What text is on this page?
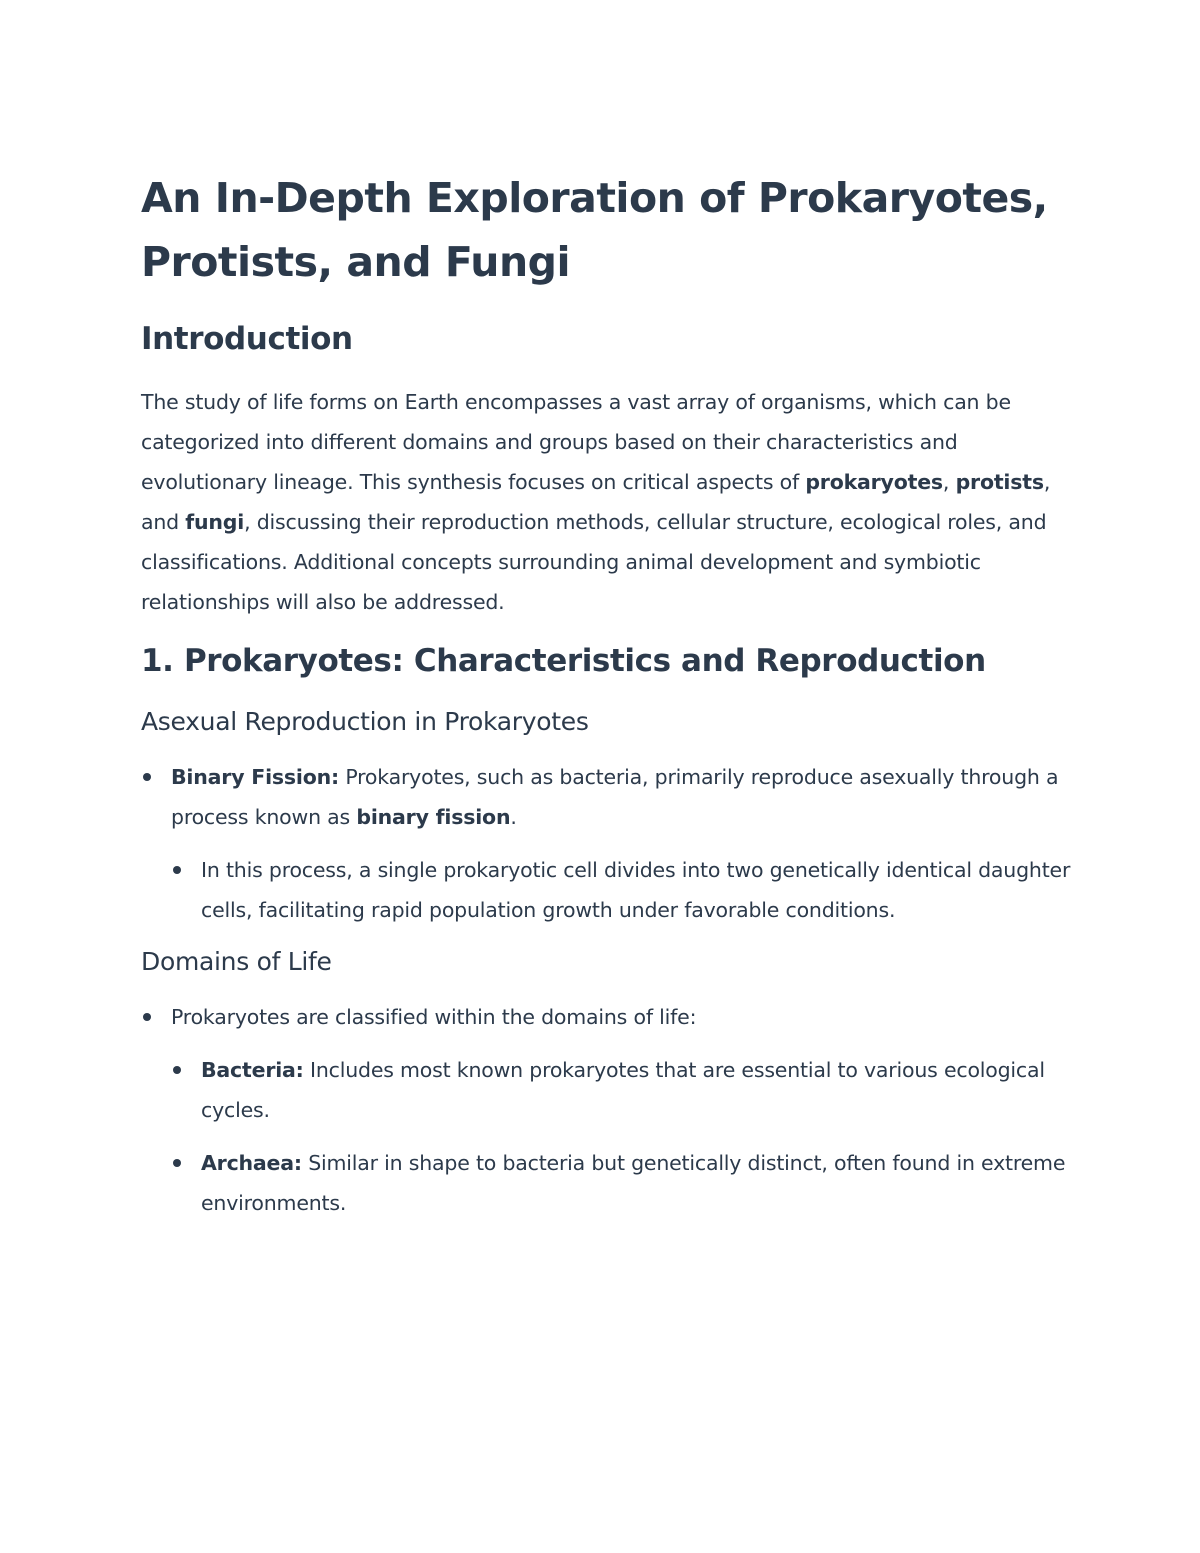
An In-Depth Exploration of Prokaryotes, Protists, and Fungi
Introduction

The study of life forms on Earth encompasses a vast array of organisms, which can be categorized into different domains and groups based on their characteristics and evolutionary lineage. This synthesis focuses on critical aspects of prokaryotes, protists, and fungi, discussing their reproduction methods, cellular structure, ecological roles, and classifications. Additional concepts surrounding animal development and symbiotic relationships will also be addressed.

1. Prokaryotes: Characteristics and Reproduction
Asexual Reproduction in Prokaryotes
Binary Fission: Prokaryotes, such as bacteria, primarily reproduce asexually through a process known as binary fission.
In this process, a single prokaryotic cell divides into two genetically identical daughter cells, facilitating rapid population growth under favorable conditions.
Domains of Life
Prokaryotes are classified within the domains of life:
Bacteria: Includes most known prokaryotes that are essential to various ecological cycles.
Archaea: Similar in shape to bacteria but genetically distinct, often found in extreme environments.
